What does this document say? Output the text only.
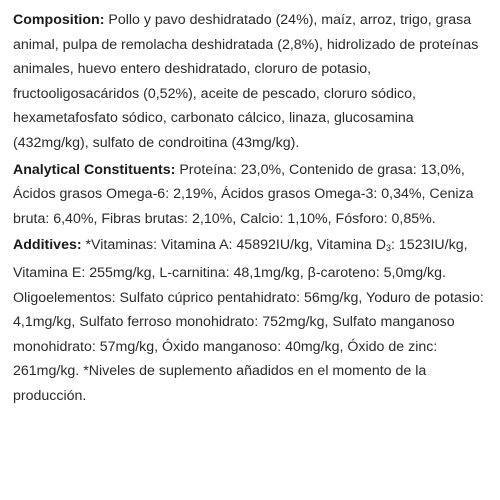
Composition: Pollo y pavo deshidratado (24%), maíz, arroz, trigo, grasa animal, pulpa de remolacha deshidratada (2,8%), hidrolizado de proteínas animales, huevo entero deshidratado, cloruro de potasio, fructooligosacáridos (0,52%), aceite de pescado, cloruro sódico, hexametafosfato sódico, carbonato cálcico, linaza, glucosamina (432mg/kg), sulfato de condroitina (43mg/kg).

Analytical Constituents: Proteína: 23,0%, Contenido de grasa: 13,0%, Ácidos grasos Omega-6: 2,19%, Ácidos grasos Omega-3: 0,34%, Ceniza bruta: 6,40%, Fibras brutas: 2,10%, Calcio: 1,10%, Fósforo: 0,85%.

Additives: *Vitaminas: Vitamina A: 45892IU/kg, Vitamina $D_3$: 1523IU/kg, Vitamina E: 255mg/kg, L-carnitina: 48,1mg/kg, β-caroteno: 5,0mg/kg. Oligoelementos: Sulfato cúprico pentahidrato: 56mg/kg, Yoduro de potasio: 4,1mg/kg, Sulfato ferroso monohidrato: 752mg/kg, Sulfato manganoso monohidrato: 57mg/kg, Óxido manganoso: 40mg/kg, Óxido de zinc: 261mg/kg. *Niveles de suplemento añadidos en el momento de la producción.
